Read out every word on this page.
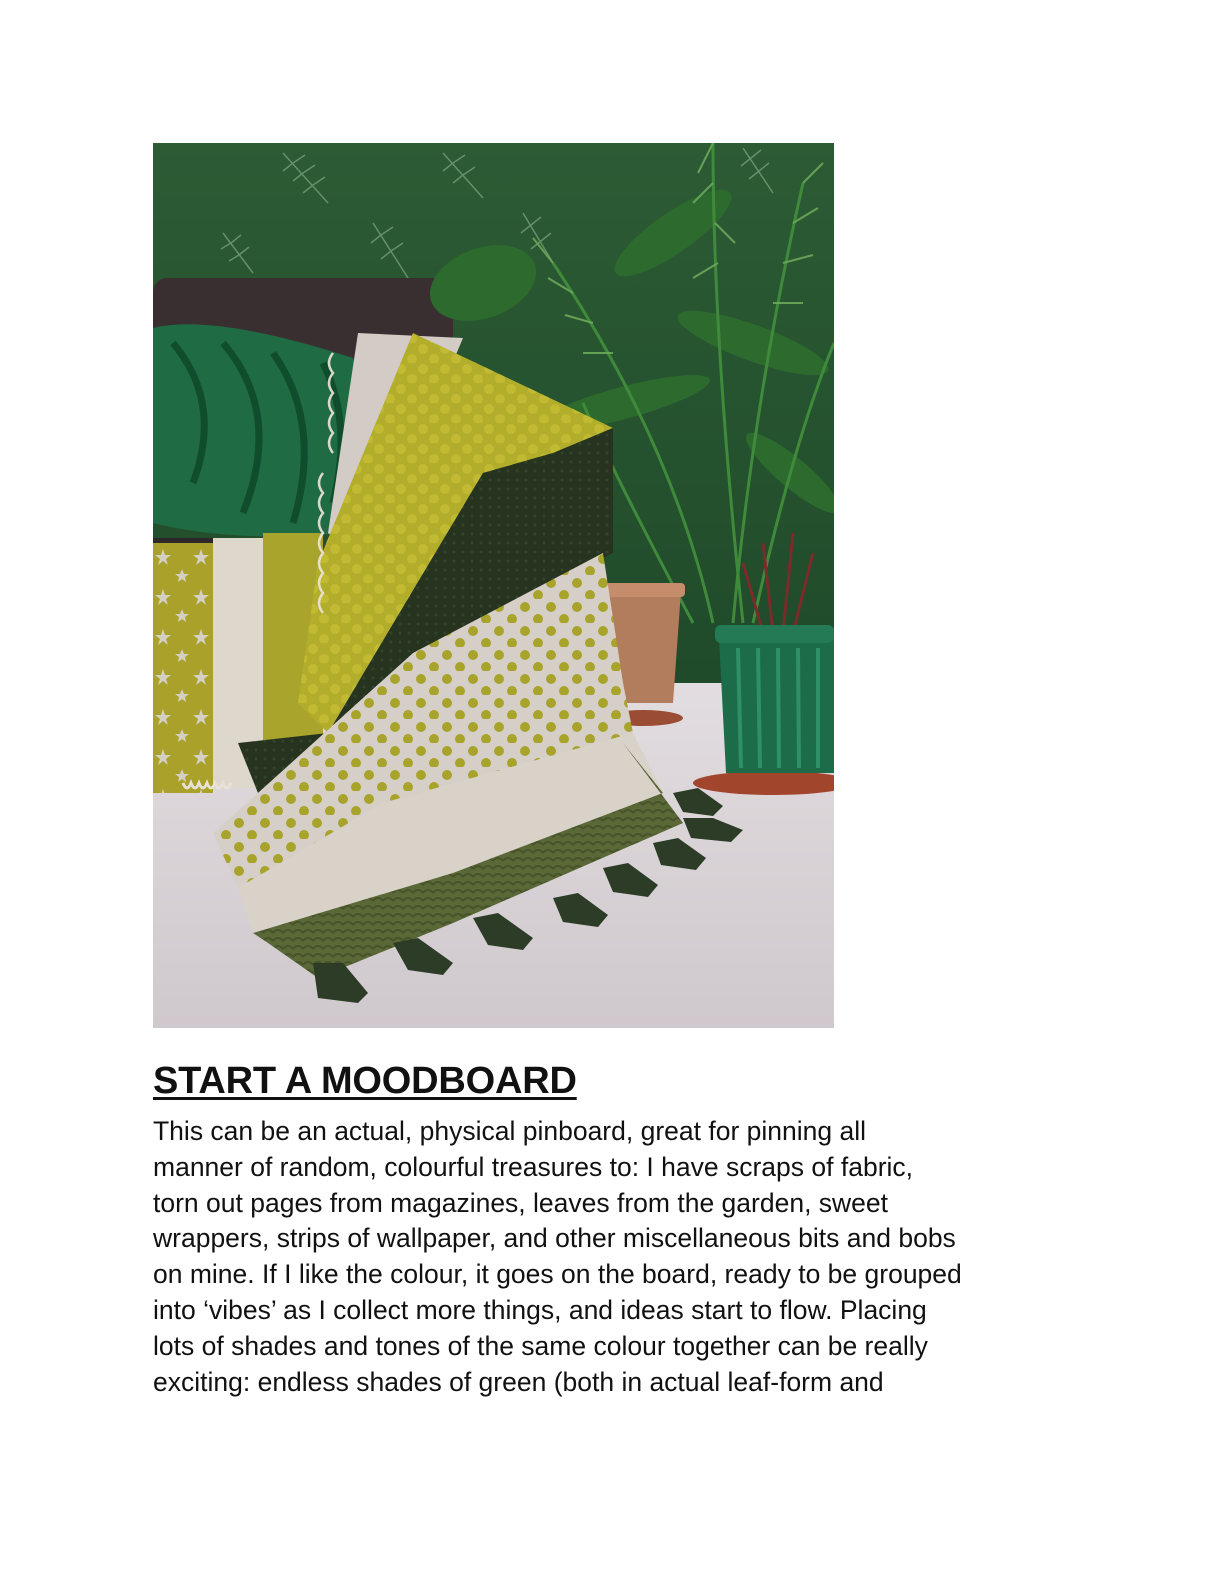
START A MOODBOARD
This can be an actual, physical pinboard, great for pinning all
manner of random, colourful treasures to: I have scraps of fabric,
torn out pages from magazines, leaves from the garden, sweet
wrappers, strips of wallpaper, and other miscellaneous bits and bobs
on mine. If I like the colour, it goes on the board, ready to be grouped
into ‘vibes’ as I collect more things, and ideas start to flow. Placing
lots of shades and tones of the same colour together can be really
exciting: endless shades of green (both in actual leaf-form and
